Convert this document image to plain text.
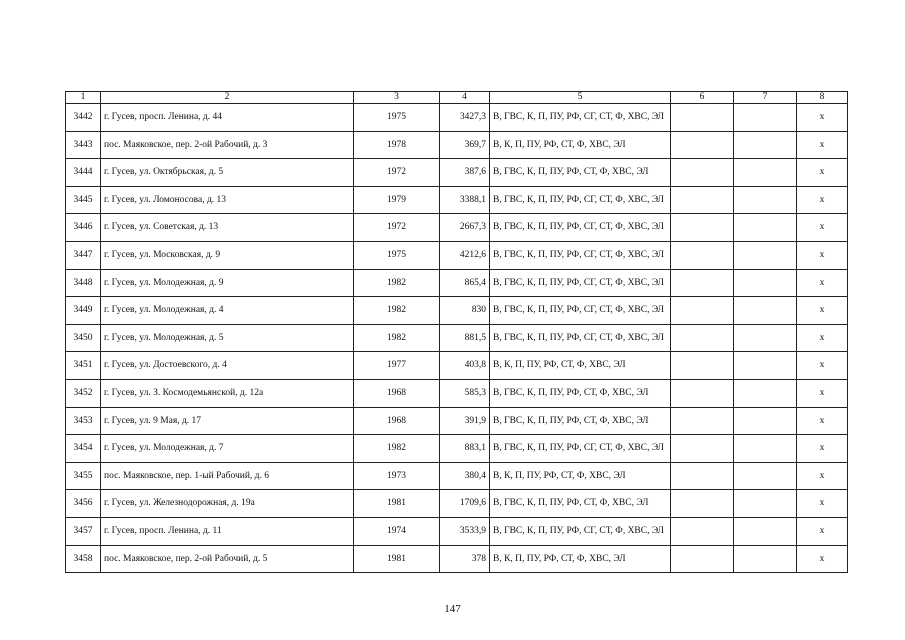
1	2	3	4	5	6	7	8
3442	г. Гусев, просп. Ленина, д. 44	1975	3427,3	В, ГВС, К, П, ПУ, РФ, СГ, СТ, Ф, ХВС, ЭЛ			х
3443	пос. Маяковское, пер. 2-ой Рабочий, д. 3	1978	369,7	В, К, П, ПУ, РФ, СТ, Ф, ХВС, ЭЛ			х
3444	г. Гусев, ул. Октябрьская, д. 5	1972	387,6	В, ГВС, К, П, ПУ, РФ, СТ, Ф, ХВС, ЭЛ			х
3445	г. Гусев, ул. Ломоносова, д. 13	1979	3388,1	В, ГВС, К, П, ПУ, РФ, СГ, СТ, Ф, ХВС, ЭЛ			х
3446	г. Гусев, ул. Советская, д. 13	1972	2667,3	В, ГВС, К, П, ПУ, РФ, СГ, СТ, Ф, ХВС, ЭЛ			х
3447	г. Гусев, ул. Московская, д. 9	1975	4212,6	В, ГВС, К, П, ПУ, РФ, СГ, СТ, Ф, ХВС, ЭЛ			х
3448	г. Гусев, ул. Молодежная, д. 9	1982	865,4	В, ГВС, К, П, ПУ, РФ, СГ, СТ, Ф, ХВС, ЭЛ			х
3449	г. Гусев, ул. Молодежная, д. 4	1982	830	В, ГВС, К, П, ПУ, РФ, СГ, СТ, Ф, ХВС, ЭЛ			х
3450	г. Гусев, ул. Молодежная, д. 5	1982	881,5	В, ГВС, К, П, ПУ, РФ, СГ, СТ, Ф, ХВС, ЭЛ			х
3451	г. Гусев, ул. Достоевского, д. 4	1977	403,8	В, К, П, ПУ, РФ, СТ, Ф, ХВС, ЭЛ			х
3452	г. Гусев, ул. З. Космодемьянской, д. 12а	1968	585,3	В, ГВС, К, П, ПУ, РФ, СТ, Ф, ХВС, ЭЛ			х
3453	г. Гусев, ул. 9 Мая, д. 17	1968	391,9	В, ГВС, К, П, ПУ, РФ, СТ, Ф, ХВС, ЭЛ			х
3454	г. Гусев, ул. Молодежная, д. 7	1982	883,1	В, ГВС, К, П, ПУ, РФ, СГ, СТ, Ф, ХВС, ЭЛ			х
3455	пос. Маяковское, пер. 1-ый Рабочий, д. 6	1973	380,4	В, К, П, ПУ, РФ, СТ, Ф, ХВС, ЭЛ			х
3456	г. Гусев, ул. Железнодорожная, д. 19а	1981	1709,6	В, ГВС, К, П, ПУ, РФ, СТ, Ф, ХВС, ЭЛ			х
3457	г. Гусев, просп. Ленина, д. 11	1974	3533,9	В, ГВС, К, П, ПУ, РФ, СГ, СТ, Ф, ХВС, ЭЛ			х
3458	пос. Маяковское, пер. 2-ой Рабочий, д. 5	1981	378	В, К, П, ПУ, РФ, СТ, Ф, ХВС, ЭЛ			х
147
